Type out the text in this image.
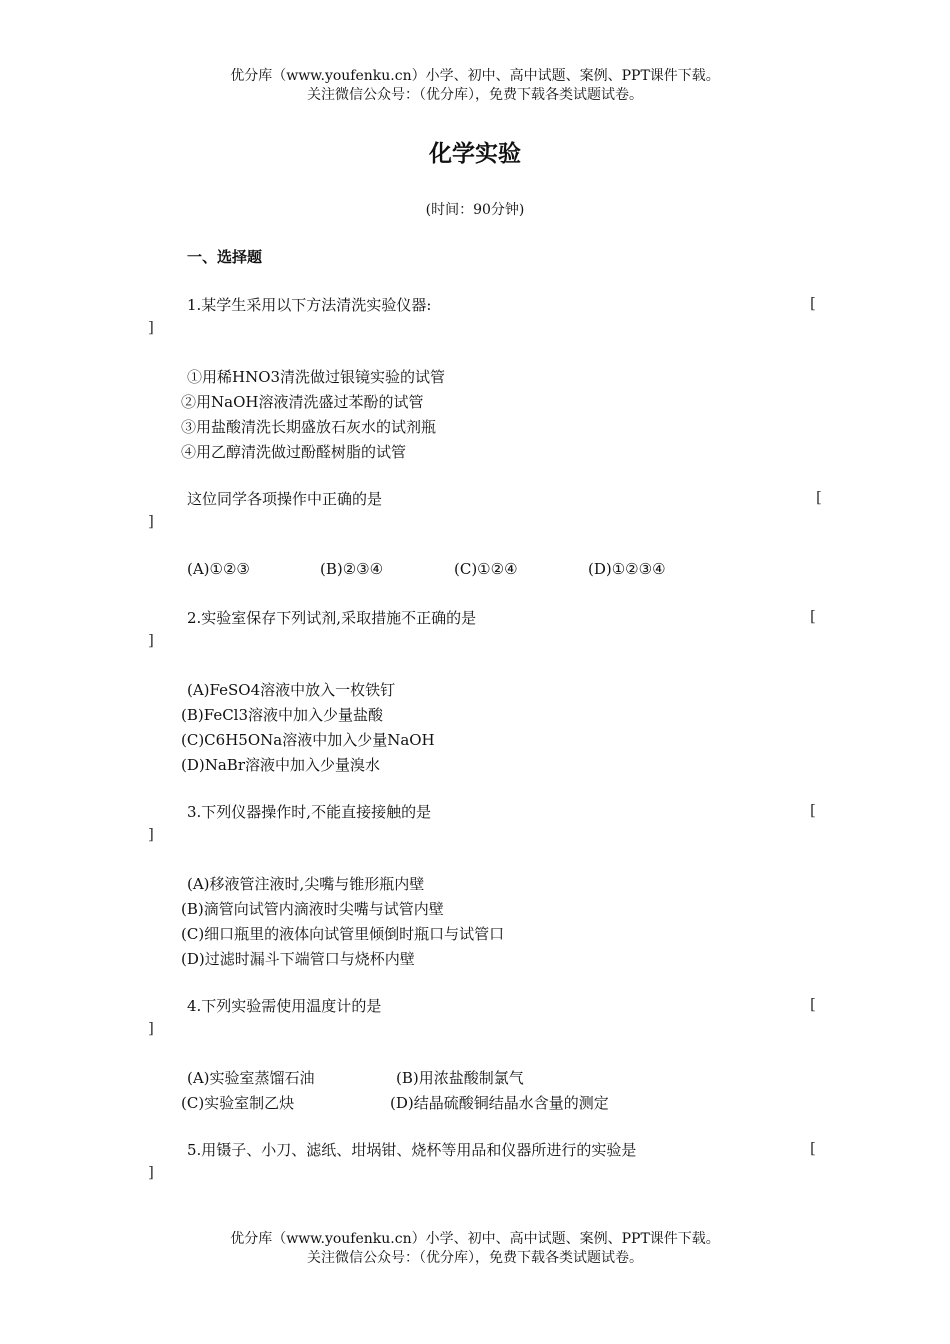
优分库（www.youfenku.cn）小学、初中、高中试题、案例、PPT课件下载。
关注微信公众号：（优分库），免费下载各类试题试卷。
化学实验
(时间：90分钟)
一、选择题
1.某学生采用以下方法清洗实验仪器:	[
]
①用稀HNO3清洗做过银镜实验的试管
②用NaOH溶液清洗盛过苯酚的试管
③用盐酸清洗长期盛放石灰水的试剂瓶
④用乙醇清洗做过酚醛树脂的试管
这位同学各项操作中正确的是	[
]
(A)①②③	(B)②③④	(C)①②④	(D)①②③④
2.实验室保存下列试剂,采取措施不正确的是	[
]
(A)FeSO4溶液中放入一枚铁钉
(B)FeCl3溶液中加入少量盐酸
(C)C6H5ONa溶液中加入少量NaOH
(D)NaBr溶液中加入少量溴水
3.下列仪器操作时,不能直接接触的是	[
]
(A)移液管注液时,尖嘴与锥形瓶内壁
(B)滴管向试管内滴液时尖嘴与试管内壁
(C)细口瓶里的液体向试管里倾倒时瓶口与试管口
(D)过滤时漏斗下端管口与烧杯内壁
4.下列实验需使用温度计的是	[
]
(A)实验室蒸馏石油	(B)用浓盐酸制氯气
(C)实验室制乙炔	(D)结晶硫酸铜结晶水含量的测定
5.用镊子、小刀、滤纸、坩埚钳、烧杯等用品和仪器所进行的实验是	[
]
优分库（www.youfenku.cn）小学、初中、高中试题、案例、PPT课件下载。
关注微信公众号：（优分库），免费下载各类试题试卷。
